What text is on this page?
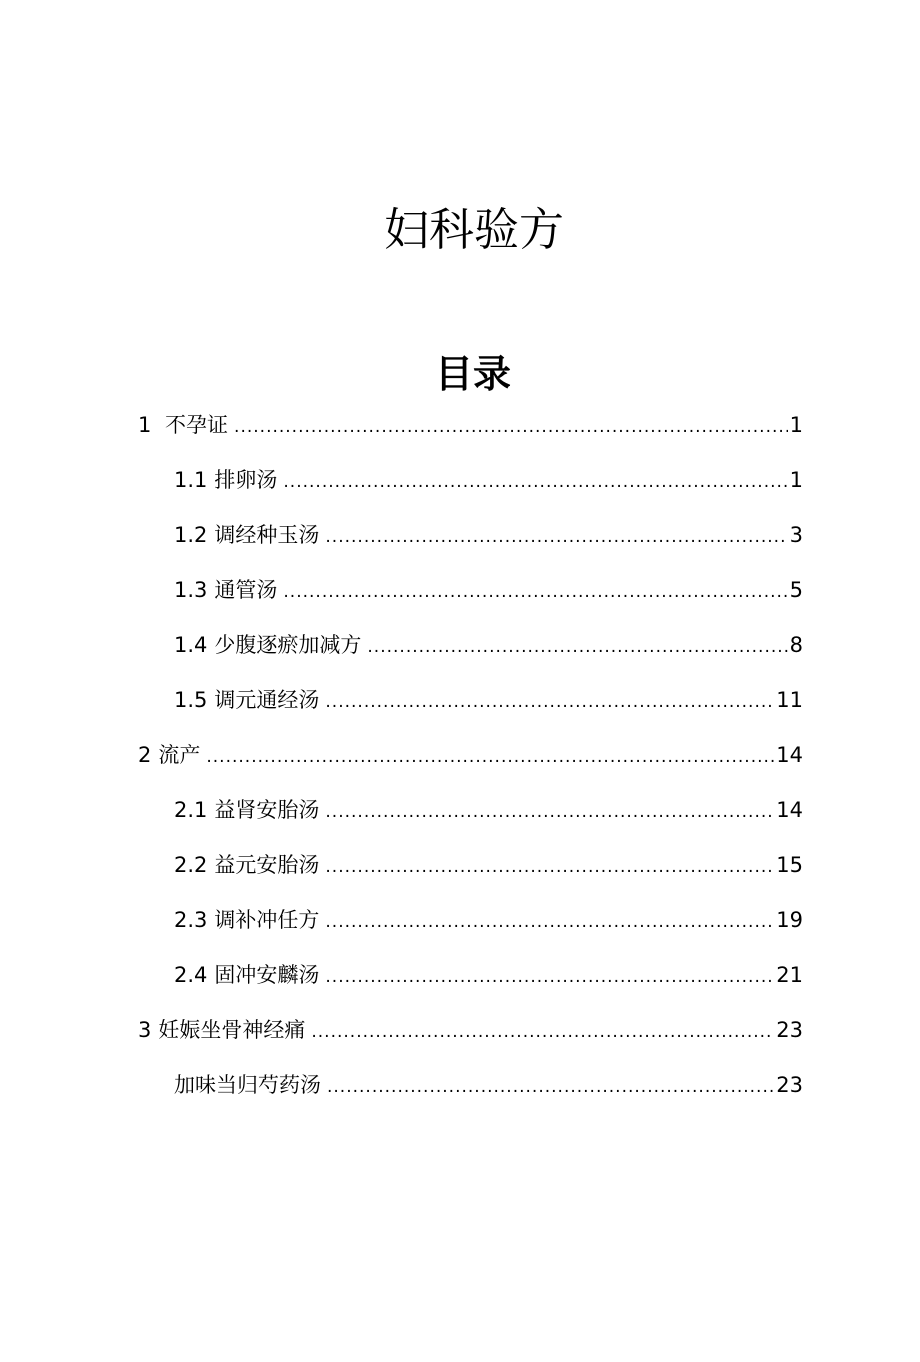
妇科验方
目录
1 不孕证 .....	1
1.1 排卵汤 .....	1
1.2 调经种玉汤 .....	3
1.3 通管汤 .....	5
1.4 少腹逐瘀加减方 .....	8
1.5 调元通经汤 .....	11
2 流产 .....	14
2.1 益肾安胎汤 .....	14
2.2 益元安胎汤 .....	15
2.3 调补冲任方 .....	19
2.4 固冲安麟汤 .....	21
3 妊娠坐骨神经痛 .....	23
加味当归芍药汤 .....	23
